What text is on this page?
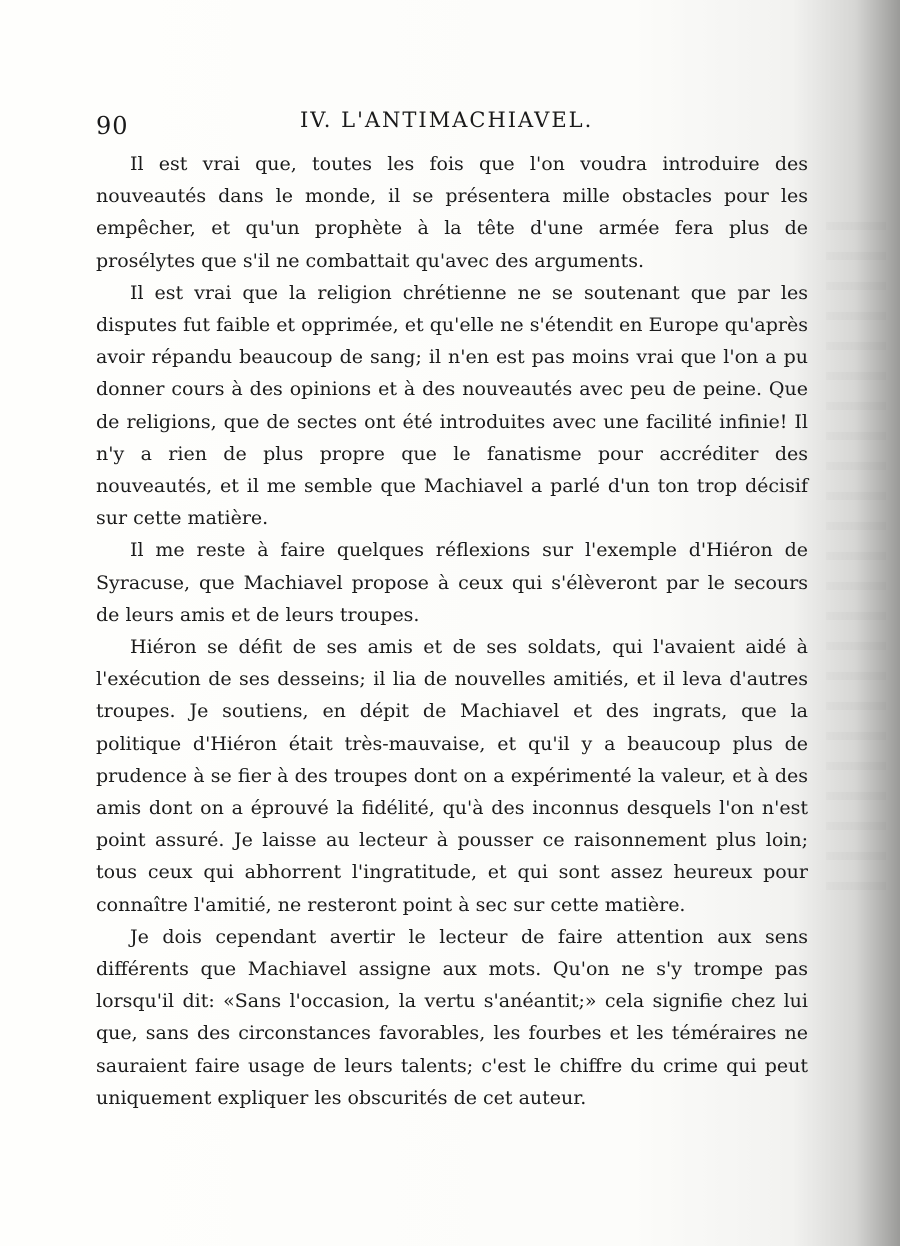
90	IV. L'ANTIMACHIAVEL.

Il est vrai que, toutes les fois que l'on voudra introduire des nouveautés dans le monde, il se présentera mille obstacles pour les empêcher, et qu'un prophète à la tête d'une armée fera plus de prosélytes que s'il ne combattait qu'avec des arguments.

Il est vrai que la religion chrétienne ne se soutenant que par les disputes fut faible et opprimée, et qu'elle ne s'étendit en Europe qu'après avoir répandu beaucoup de sang; il n'en est pas moins vrai que l'on a pu donner cours à des opinions et à des nouveautés avec peu de peine. Que de religions, que de sectes ont été introduites avec une facilité infinie! Il n'y a rien de plus propre que le fanatisme pour accréditer des nouveautés, et il me semble que Machiavel a parlé d'un ton trop décisif sur cette matière.

Il me reste à faire quelques réflexions sur l'exemple d'Hiéron de Syracuse, que Machiavel propose à ceux qui s'élèveront par le secours de leurs amis et de leurs troupes.

Hiéron se défit de ses amis et de ses soldats, qui l'avaient aidé à l'exécution de ses desseins; il lia de nouvelles amitiés, et il leva d'autres troupes. Je soutiens, en dépit de Machiavel et des ingrats, que la politique d'Hiéron était très-mauvaise, et qu'il y a beaucoup plus de prudence à se fier à des troupes dont on a expérimenté la valeur, et à des amis dont on a éprouvé la fidélité, qu'à des inconnus desquels l'on n'est point assuré. Je laisse au lecteur à pousser ce raisonnement plus loin; tous ceux qui abhorrent l'ingratitude, et qui sont assez heureux pour connaître l'amitié, ne resteront point à sec sur cette matière.

Je dois cependant avertir le lecteur de faire attention aux sens différents que Machiavel assigne aux mots. Qu'on ne s'y trompe pas lorsqu'il dit: «Sans l'occasion, la vertu s'anéantit;» cela signifie chez lui que, sans des circonstances favorables, les fourbes et les téméraires ne sauraient faire usage de leurs talents; c'est le chiffre du crime qui peut uniquement expliquer les obscurités de cet auteur.
